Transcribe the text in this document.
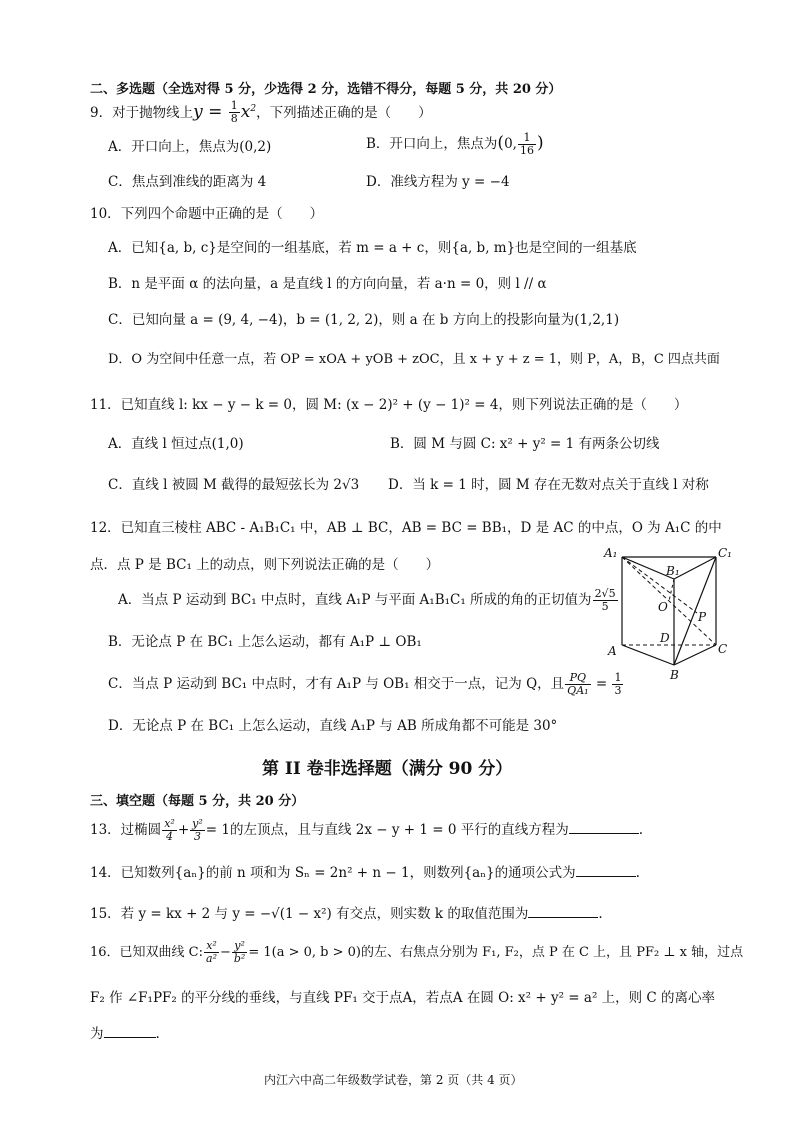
二、多选题（全选对得 5 分，少选得 2 分，选错不得分，每题 5 分，共 20 分）
9．对于抛物线上$y = \frac{1}{8} x^2$，下列描述正确的是（　　）
A．开口向上，焦点为(0,2)	B．开口向上，焦点为(0, $\frac{1}{16}$ )
C．焦点到准线的距离为 4	D．准线方程为 y = −4
10．下列四个命题中正确的是（　　）
A．已知{a, b, c}是空间的一组基底，若 m = a + c，则{a, b, m}也是空间的一组基底
B．n 是平面 α 的法向量，a 是直线 l 的方向向量，若 a·n = 0，则 l // α
C．已知向量 a = (9, 4, −4)，b = (1, 2, 2)，则 a 在 b 方向上的投影向量为(1,2,1)
D．O 为空间中任意一点，若 OP = xOA + yOB + zOC，且 x + y + z = 1，则 P，A，B，C 四点共面
11．已知直线 l: kx − y − k = 0，圆 M: (x − 2)² + (y − 1)² = 4，则下列说法正确的是（　　）
A．直线 l 恒过点(1,0)	B．圆 M 与圆 C: x² + y² = 1 有两条公切线
C．直线 l 被圆 M 截得的最短弦长为 2√3 D．当 k = 1 时，圆 M 存在无数对点关于直线 l 对称
12．已知直三棱柱 ABC - A₁B₁C₁ 中，AB ⊥ BC，AB = BC = BB₁，D 是 AC 的中点，O 为 A₁C 的中
点．点 P 是 BC₁ 上的动点，则下列说法正确的是（　　）
A．当点 P 运动到 BC₁ 中点时，直线 A₁P 与平面 A₁B₁C₁ 所成的角的正切值为 $\frac{2√5}{5}$
B．无论点 P 在 BC₁ 上怎么运动，都有 A₁P ⊥ OB₁
C．当点 P 运动到 BC₁ 中点时，才有 A₁P 与 OB₁ 相交于一点，记为 Q，且 $\frac{PQ}{\text{QA₁}} = \frac{1}{3}$
D．无论点 P 在 BC₁ 上怎么运动，直线 A₁P 与 AB 所成角都不可能是 30°
A₁	C₁
B₁
O
P
D
A	C
B
第 II 卷非选择题（满分 90 分）
三、填空题（每题 5 分，共 20 分）
13．过椭圆 $\frac{\text{x²}}{4} + \frac{\text{y²}}{3} = 1$的左顶点，且与直线 2x − y + 1 = 0 平行的直线方程为	.
14．已知数列{aₙ}的前 n 项和为 Sₙ = 2n² + n − 1，则数列{aₙ}的通项公式为	.
15．若 y = kx + 2 与 y = −√(1 − x²) 有交点，则实数 k 的取值范围为	.
16．已知双曲线 C: $\frac{\text{x²}}{\text{a²}} - \frac{\text{y²}}{\text{b²}} = 1(a > 0$, b > 0)的左、右焦点分别为 F₁, F₂，点 P 在 C 上，且 PF₂ ⊥ x 轴，过点
F₂ 作 ∠F₁PF₂ 的平分线的垂线，与直线 PF₁ 交于点A，若点A 在圆 O: x² + y² = a² 上，则 C 的离心率
为	.
内江六中高二年级数学试卷，第 2 页（共 4 页）
